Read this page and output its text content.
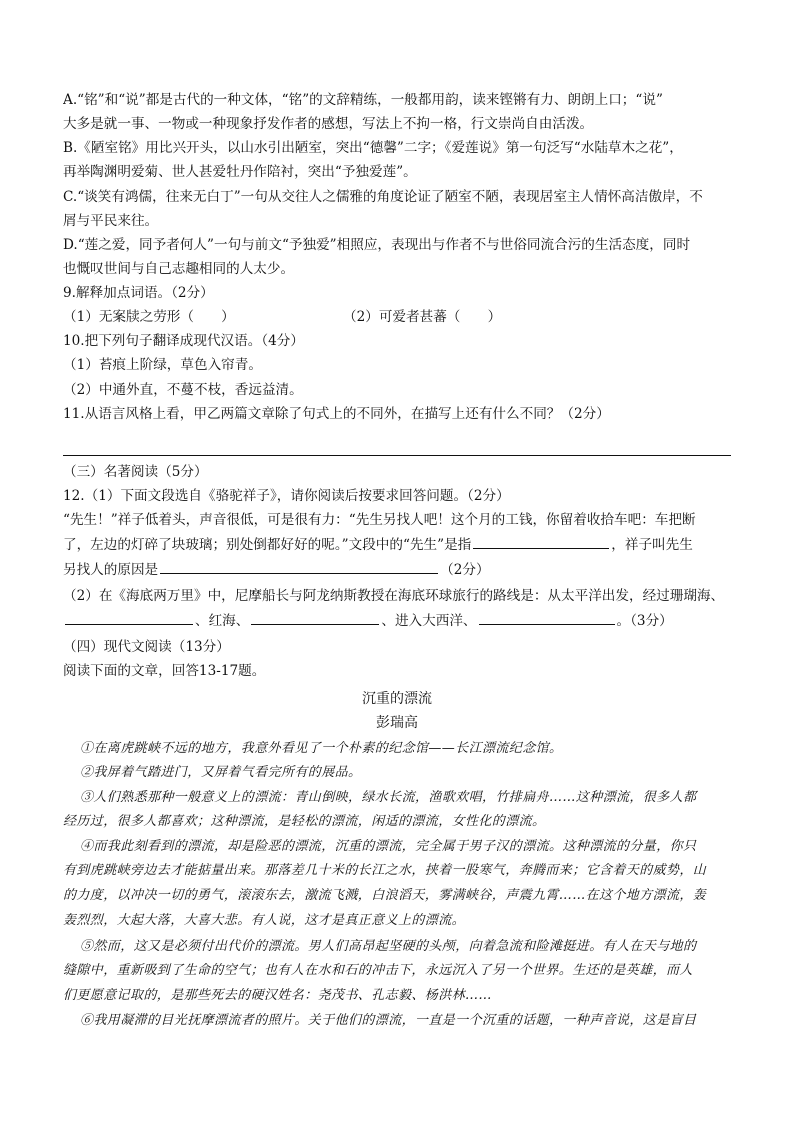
A.“铭”和“说”都是古代的一种文体，“铭”的文辞精练，一般都用韵，读来铿锵有力、朗朗上口；“说”
大多是就一事、一物或一种现象抒发作者的感想，写法上不拘一格，行文崇尚自由活泼。
B.《陋室铭》用比兴开头，以山水引出陋室，突出“德馨”二字；《爱莲说》第一句泛写“水陆草木之花”，
再举陶渊明爱菊、世人甚爱牡丹作陪衬，突出“予独爱莲”。
C.“谈笑有鸿儒，往来无白丁”一句从交往人之儒雅的角度论证了陋室不陋，表现居室主人情怀高洁傲岸，不
屑与平民来往。
D.“莲之爱，同予者何人”一句与前文“予独爱”相照应，表现出与作者不与世俗同流合污的生活态度，同时
也慨叹世间与自己志趣相同的人太少。
9.解释加点词语。（2分）
（1）无案牍之劳形（　　）	（2）可爱者甚蕃（　　）
10.把下列句子翻译成现代汉语。（4分）
（1）苔痕上阶绿，草色入帘青。
（2）中通外直，不蔓不枝，香远益清。
11.从语言风格上看，甲乙两篇文章除了句式上的不同外，在描写上还有什么不同？（2分）
（三）名著阅读（5分）
12.（1）下面文段选自《骆驼祥子》，请你阅读后按要求回答问题。（2分）
“先生！”祥子低着头，声音很低，可是很有力：“先生另找人吧！这个月的工钱，你留着收拾车吧：车把断
了，左边的灯碎了块玻璃；别处倒都好好的呢。”文段中的“先生”是指	，祥子叫先生
另找人的原因是	（2分）
（2）在《海底两万里》中，尼摩船长与阿龙纳斯教授在海底环球旅行的路线是：从太平洋出发，经过珊瑚海、
、红海、	、进入大西洋、	。（3分）
（四）现代文阅读（13分）
阅读下面的文章，回答13-17题。
沉重的漂流
彭瑞高
①在离虎跳峡不远的地方，我意外看见了一个朴素的纪念馆——长江漂流纪念馆。
②我屏着气踏进门，又屏着气看完所有的展品。
③人们熟悉那种一般意义上的漂流：青山倒映，绿水长流，渔歌欢唱，竹排扁舟……这种漂流，很多人都
经历过，很多人都喜欢；这种漂流，是轻松的漂流，闲适的漂流，女性化的漂流。
④而我此刻看到的漂流，却是险恶的漂流，沉重的漂流，完全属于男子汉的漂流。这种漂流的分量，你只
有到虎跳峡旁边去才能掂量出来。那落差几十米的长江之水，挟着一股寒气，奔腾而来；它含着天的威势，山
的力度，以冲决一切的勇气，滚滚东去，激流飞溅，白浪滔天，雾满峡谷，声震九霄……在这个地方漂流，轰
轰烈烈，大起大落，大喜大悲。有人说，这才是真正意义上的漂流。
⑤然而，这又是必须付出代价的漂流。男人们高昂起坚硬的头颅，向着急流和险滩挺进。有人在天与地的
缝隙中，重新吸到了生命的空气；也有人在水和石的冲击下，永远沉入了另一个世界。生还的是英雄，而人
们更愿意记取的，是那些死去的硬汉姓名：尧茂书、孔志毅、杨洪林……
⑥我用凝滞的目光抚摩漂流者的照片。关于他们的漂流，一直是一个沉重的话题，一种声音说，这是盲目
